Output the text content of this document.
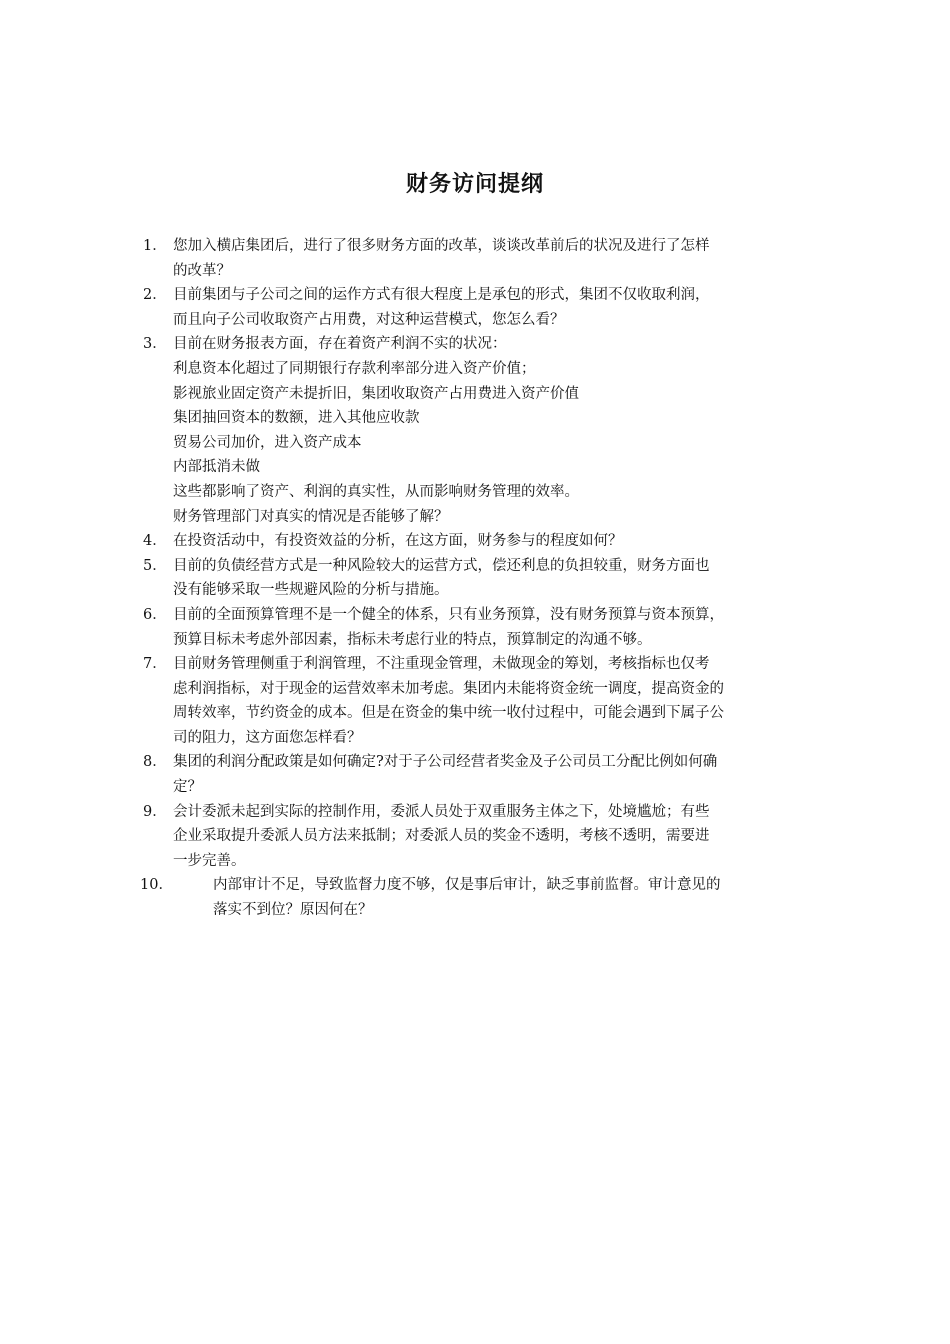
财务访问提纲
1． 您加入横店集团后，进行了很多财务方面的改革，谈谈改革前后的状况及进行了怎样
的改革？
2． 目前集团与子公司之间的运作方式有很大程度上是承包的形式，集团不仅收取利润，
而且向子公司收取资产占用费，对这种运营模式，您怎么看？
3． 目前在财务报表方面，存在着资产利润不实的状况：
利息资本化超过了同期银行存款利率部分进入资产价值；
影视旅业固定资产未提折旧，集团收取资产占用费进入资产价值
集团抽回资本的数额，进入其他应收款
贸易公司加价，进入资产成本
内部抵消未做
这些都影响了资产、利润的真实性，从而影响财务管理的效率。
财务管理部门对真实的情况是否能够了解？
4． 在投资活动中，有投资效益的分析，在这方面，财务参与的程度如何？
5． 目前的负债经营方式是一种风险较大的运营方式，偿还利息的负担较重，财务方面也
没有能够采取一些规避风险的分析与措施。
6． 目前的全面预算管理不是一个健全的体系，只有业务预算，没有财务预算与资本预算，
预算目标未考虑外部因素，指标未考虑行业的特点，预算制定的沟通不够。
7． 目前财务管理侧重于利润管理，不注重现金管理，未做现金的筹划，考核指标也仅考
虑利润指标，对于现金的运营效率未加考虑。集团内未能将资金统一调度，提高资金的
周转效率，节约资金的成本。但是在资金的集中统一收付过程中，可能会遇到下属子公
司的阻力，这方面您怎样看？
8． 集团的利润分配政策是如何确定?对于子公司经营者奖金及子公司员工分配比例如何确
定？
9． 会计委派未起到实际的控制作用，委派人员处于双重服务主体之下，处境尴尬；有些
企业采取提升委派人员方法来抵制；对委派人员的奖金不透明，考核不透明，需要进
一步完善。
10．	内部审计不足，导致监督力度不够，仅是事后审计，缺乏事前监督。审计意见的
落实不到位？原因何在？
